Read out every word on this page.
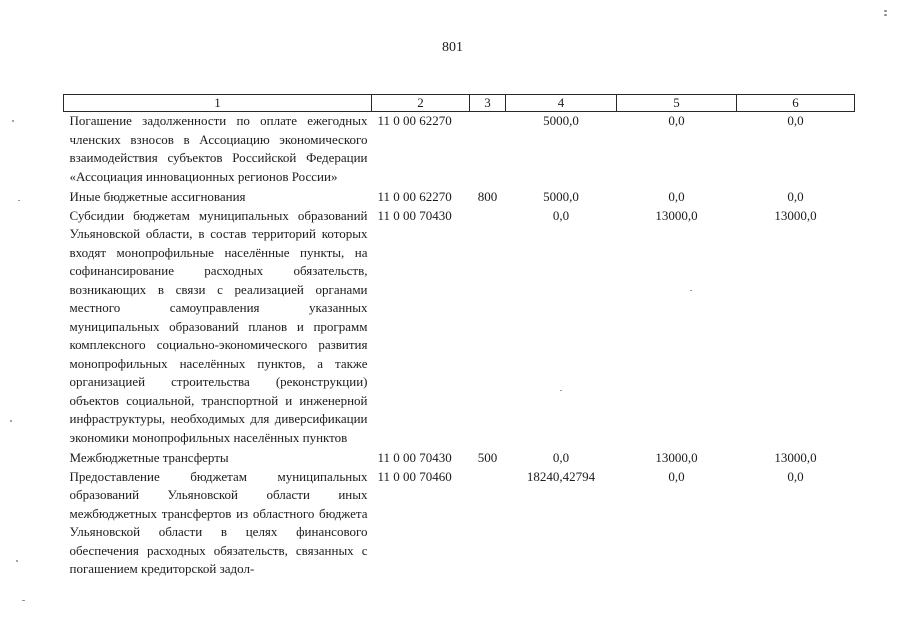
801
1	2	3	4	5	6
Погашение задолженности по оплате ежегодных членских взносов в Ассоциацию экономического взаимодействия субъектов Российской Федерации «Ассоциация инновационных регионов России»	11 0 00 62270		5000,0	0,0	0,0
Иные бюджетные ассигнования	11 0 00 62270	800	5000,0	0,0	0,0
Субсидии бюджетам муниципальных образований Ульяновской области, в состав территорий которых входят монопрофильные населённые пункты, на софинансирование расходных обязательств, возникающих в связи с реализацией органами местного самоуправления указанных муниципальных образований планов и программ комплексного социально-экономического развития монопрофильных населённых пунктов, а также организацией строительства (реконструкции) объектов социальной, транспортной и инженерной инфраструктуры, необходимых для диверсификации экономики монопрофильных населённых пунктов	11 0 00 70430		0,0	13000,0	13000,0
Межбюджетные трансферты	11 0 00 70430	500	0,0	13000,0	13000,0
Предоставление бюджетам муниципальных образований Ульяновской области иных межбюджетных трансфертов из областного бюджета Ульяновской области в целях финансового обеспечения расходных обязательств, связанных с погашением кредиторской задол-	11 0 00 70460		18240,42794	0,0	0,0
